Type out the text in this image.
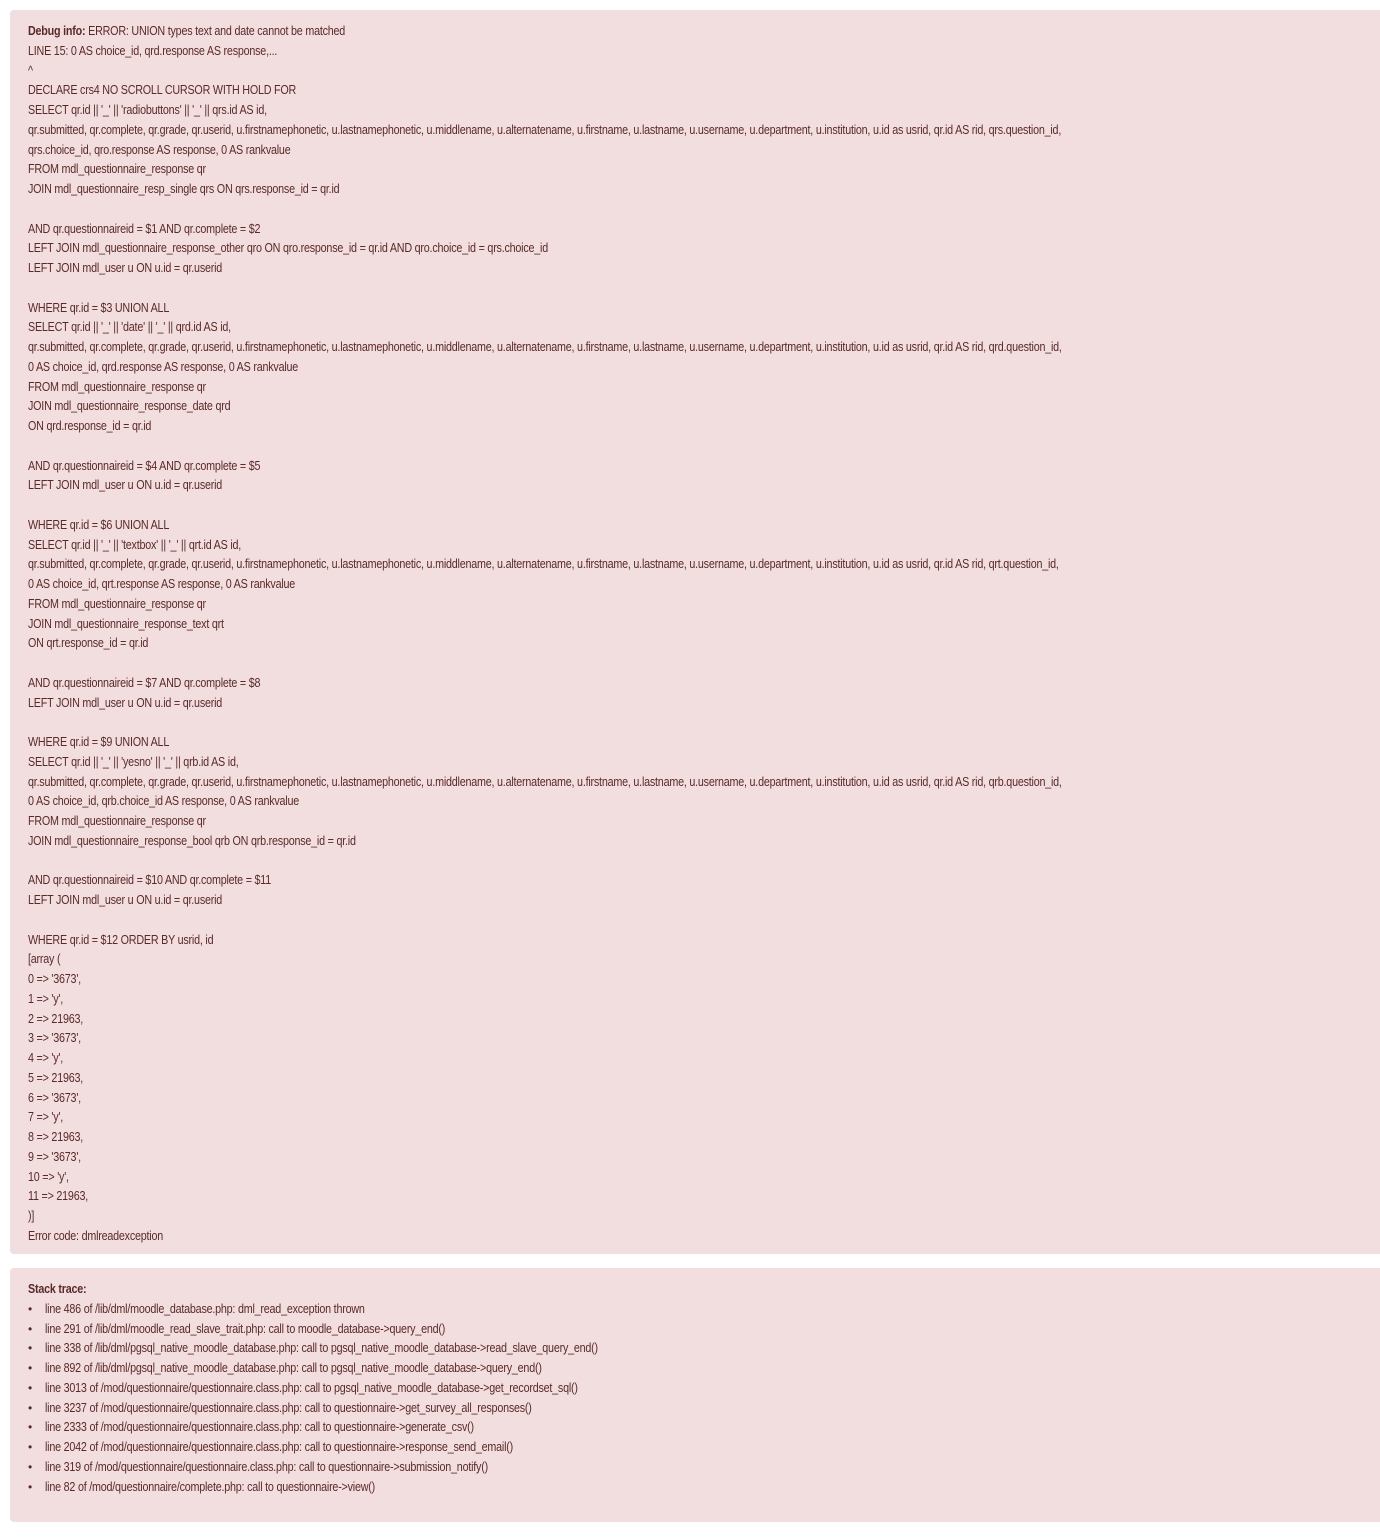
Debug info: ERROR: UNION types text and date cannot be matched
LINE 15: 0 AS choice_id, qrd.response AS response,...
^
DECLARE crs4 NO SCROLL CURSOR WITH HOLD FOR
SELECT qr.id || '_' || 'radiobuttons' || '_' || qrs.id AS id,
qr.submitted, qr.complete, qr.grade, qr.userid, u.firstnamephonetic, u.lastnamephonetic, u.middlename, u.alternatename, u.firstname, u.lastname, u.username, u.department, u.institution, u.id as usrid, qr.id AS rid, qrs.question_id,
qrs.choice_id, qro.response AS response, 0 AS rankvalue
FROM mdl_questionnaire_response qr
JOIN mdl_questionnaire_resp_single qrs ON qrs.response_id = qr.id
AND qr.questionnaireid = $1 AND qr.complete = $2
LEFT JOIN mdl_questionnaire_response_other qro ON qro.response_id = qr.id AND qro.choice_id = qrs.choice_id
LEFT JOIN mdl_user u ON u.id = qr.userid
WHERE qr.id = $3 UNION ALL
SELECT qr.id || '_' || 'date' || '_' || qrd.id AS id,
qr.submitted, qr.complete, qr.grade, qr.userid, u.firstnamephonetic, u.lastnamephonetic, u.middlename, u.alternatename, u.firstname, u.lastname, u.username, u.department, u.institution, u.id as usrid, qr.id AS rid, qrd.question_id,
0 AS choice_id, qrd.response AS response, 0 AS rankvalue
FROM mdl_questionnaire_response qr
JOIN mdl_questionnaire_response_date qrd
ON qrd.response_id = qr.id
AND qr.questionnaireid = $4 AND qr.complete = $5
LEFT JOIN mdl_user u ON u.id = qr.userid
WHERE qr.id = $6 UNION ALL
SELECT qr.id || '_' || 'textbox' || '_' || qrt.id AS id,
qr.submitted, qr.complete, qr.grade, qr.userid, u.firstnamephonetic, u.lastnamephonetic, u.middlename, u.alternatename, u.firstname, u.lastname, u.username, u.department, u.institution, u.id as usrid, qr.id AS rid, qrt.question_id,
0 AS choice_id, qrt.response AS response, 0 AS rankvalue
FROM mdl_questionnaire_response qr
JOIN mdl_questionnaire_response_text qrt
ON qrt.response_id = qr.id
AND qr.questionnaireid = $7 AND qr.complete = $8
LEFT JOIN mdl_user u ON u.id = qr.userid
WHERE qr.id = $9 UNION ALL
SELECT qr.id || '_' || 'yesno' || '_' || qrb.id AS id,
qr.submitted, qr.complete, qr.grade, qr.userid, u.firstnamephonetic, u.lastnamephonetic, u.middlename, u.alternatename, u.firstname, u.lastname, u.username, u.department, u.institution, u.id as usrid, qr.id AS rid, qrb.question_id,
0 AS choice_id, qrb.choice_id AS response, 0 AS rankvalue
FROM mdl_questionnaire_response qr
JOIN mdl_questionnaire_response_bool qrb ON qrb.response_id = qr.id
AND qr.questionnaireid = $10 AND qr.complete = $11
LEFT JOIN mdl_user u ON u.id = qr.userid
WHERE qr.id = $12 ORDER BY usrid, id
[array (
0 => '3673',
1 => 'y',
2 => 21963,
3 => '3673',
4 => 'y',
5 => 21963,
6 => '3673',
7 => 'y',
8 => 21963,
9 => '3673',
10 => 'y',
11 => 21963,
)]
Error code: dmlreadexception
Stack trace:
• line 486 of /lib/dml/moodle_database.php: dml_read_exception thrown
• line 291 of /lib/dml/moodle_read_slave_trait.php: call to moodle_database->query_end()
• line 338 of /lib/dml/pgsql_native_moodle_database.php: call to pgsql_native_moodle_database->read_slave_query_end()
• line 892 of /lib/dml/pgsql_native_moodle_database.php: call to pgsql_native_moodle_database->query_end()
• line 3013 of /mod/questionnaire/questionnaire.class.php: call to pgsql_native_moodle_database->get_recordset_sql()
• line 3237 of /mod/questionnaire/questionnaire.class.php: call to questionnaire->get_survey_all_responses()
• line 2333 of /mod/questionnaire/questionnaire.class.php: call to questionnaire->generate_csv()
• line 2042 of /mod/questionnaire/questionnaire.class.php: call to questionnaire->response_send_email()
• line 319 of /mod/questionnaire/questionnaire.class.php: call to questionnaire->submission_notify()
• line 82 of /mod/questionnaire/complete.php: call to questionnaire->view()
